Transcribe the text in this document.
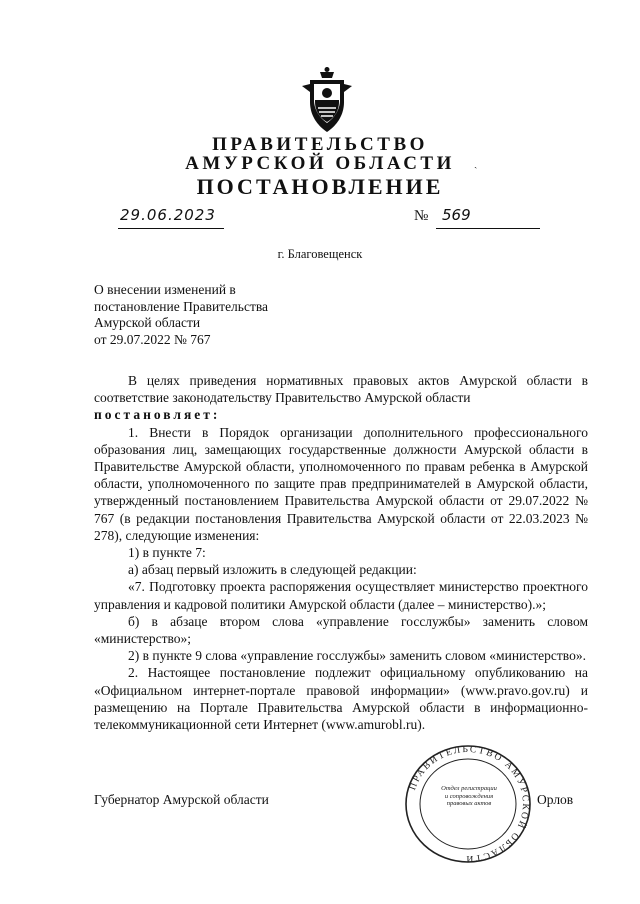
ПРАВИТЕЛЬСТВО
АМУРСКОЙ ОБЛАСТИ	ˎ
ПОСТАНОВЛЕНИЕ
29.06.2023	№ 569
г. Благовещенск
О внесении изменений в
постановление Правительства
Амурской области
от 29.07.2022 № 767

В целях приведения нормативных правовых актов Амурской области в соответствие законодательству Правительство Амурской области

постановляет:

1. Внести в Порядок организации дополнительного профессионального образования лиц, замещающих государственные должности Амурской области в Правительстве Амурской области, уполномоченного по правам ребенка в Амурской области, уполномоченного по защите прав предпринимателей в Амурской области, утвержденный постановлением Правительства Амурской области от 29.07.2022 № 767 (в редакции постановления Правительства Амурской области от 22.03.2023 № 278), следующие изменения:

1) в пункте 7:

а) абзац первый изложить в следующей редакции:

«7. Подготовку проекта распоряжения осуществляет министерство проектного управления и кадровой политики Амурской области (далее – министерство).»;

б) в абзаце втором слова «управление госслужбы» заменить словом «министерство»;

2) в пункте 9 слова «управление госслужбы» заменить словом «министерство».

2. Настоящее постановление подлежит официальному опубликованию на «Официальном интернет-портале правовой информации» (www.pravo.gov.ru) и размещению на Портале Правительства Амурской области в информационно-телекоммуникационной сети Интернет (www.amurobl.ru).

Губернатор Амурской области	Орлов
ПРАВИТЕЛЬСТВО АМУРСКОЙ ОБЛАСТИ
Отдел регистрации и сопровождения правовых актов
